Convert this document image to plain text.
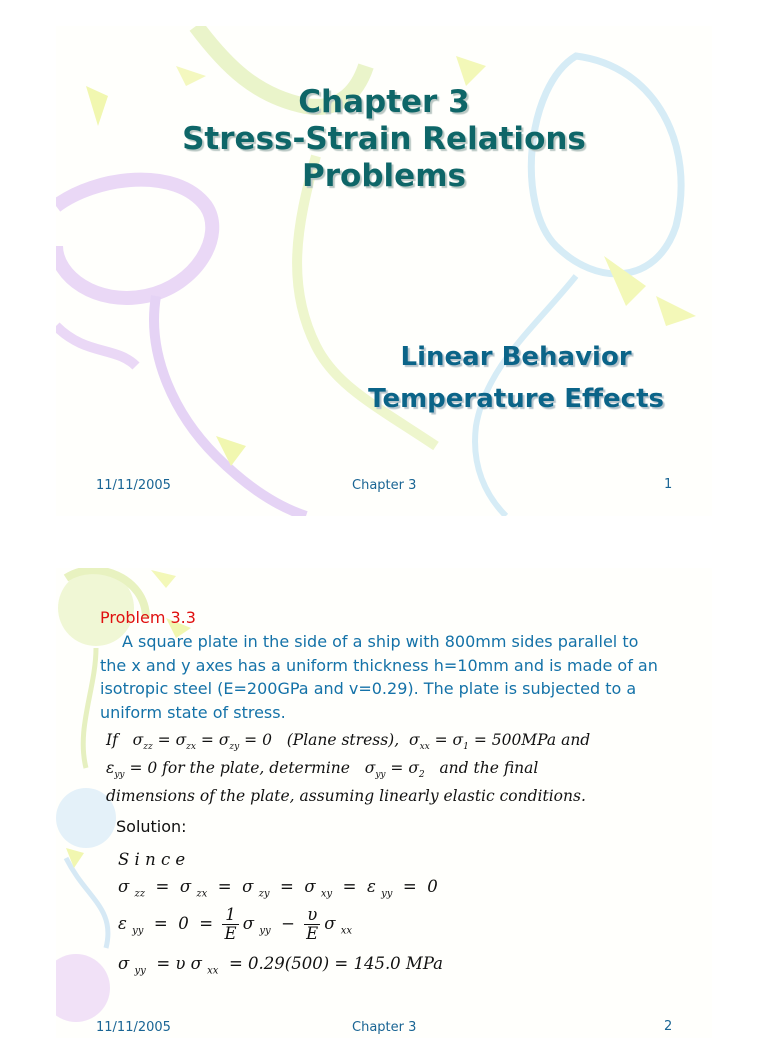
Chapter 3
Stress-Strain Relations
Problems
Linear Behavior
Temperature Effects
11/11/2005	Chapter 3	1
Problem 3.3
A square plate in the side of a ship with 800mm sides parallel to the x and y axes has a uniform thickness h=10mm and is made of an isotropic steel (E=200GPa and v=0.29). The plate is subjected to a uniform state of stress.
If   $\sigma_{zz} = \sigma_{zx} = \sigma_{zy} = 0$   (Plane stress),  $\sigma_{xx} = \sigma_1 = 500MPa$ and
$\varepsilon_{yy} = 0$ for the plate, determine   $\sigma_{yy} = \sigma_2$ and the final
dimensions of the plate, assuming linearly elastic conditions.
Solution:
S i n c e
σ $_{zz}$  =  σ $_{zx}$  =  σ $_{zy}$  =  σ $_{xy}$  =  ε $_{yy}$  =  0
ε $_{yy} = 0 = \frac{1}{E}$ σ $_{yy} - \frac{\upsilon}{E}$ σ $_{xx}$
σ $_{yy}$  = υ σ $_{xx}$ = 0.29(500) = 145.0 MPa
11/11/2005	Chapter 3	2
